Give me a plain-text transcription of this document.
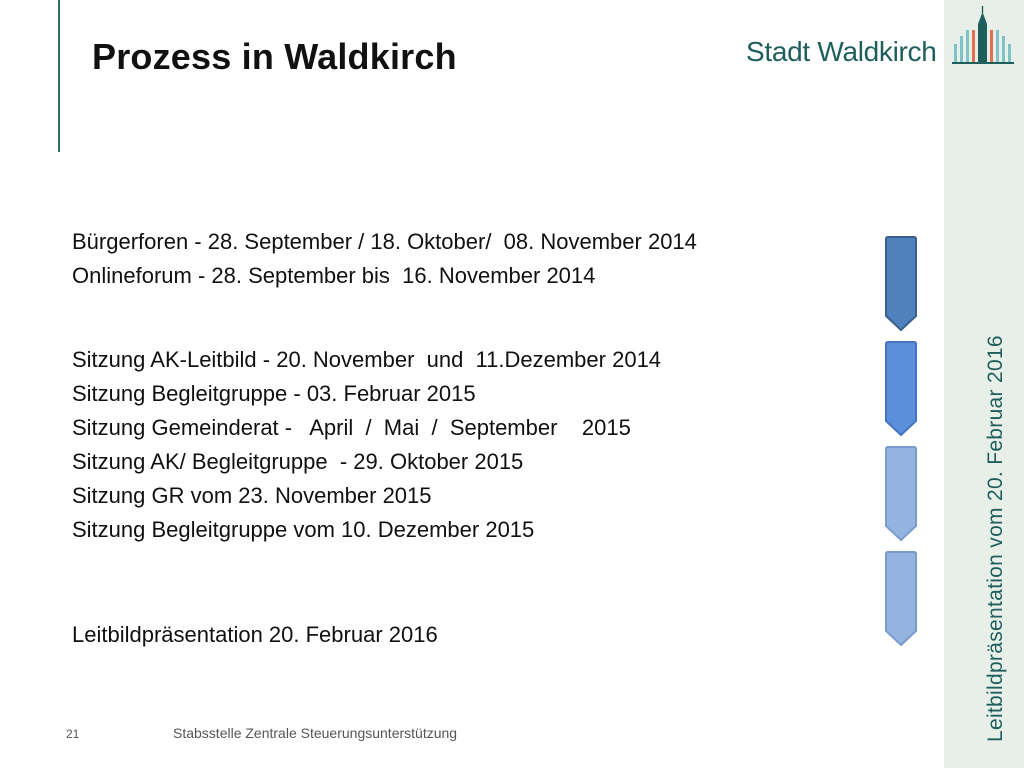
Prozess in Waldkirch	Stadt Waldkirch
Leitbildpräsentation vom 20. Februar 2016
Bürgerforen - 28. September / 18. Oktober/  08. November 2014
Onlineforum - 28. September bis  16. November 2014
Sitzung AK-Leitbild - 20. November  und  11.Dezember 2014
Sitzung Begleitgruppe - 03. Februar 2015
Sitzung Gemeinderat -   April  /  Mai  /  September    2015
Sitzung AK/ Begleitgruppe  - 29. Oktober 2015
Sitzung GR vom 23. November 2015
Sitzung Begleitgruppe vom 10. Dezember 2015
Leitbildpräsentation 20. Februar 2016
21	Stabsstelle Zentrale Steuerungsunterstützung
